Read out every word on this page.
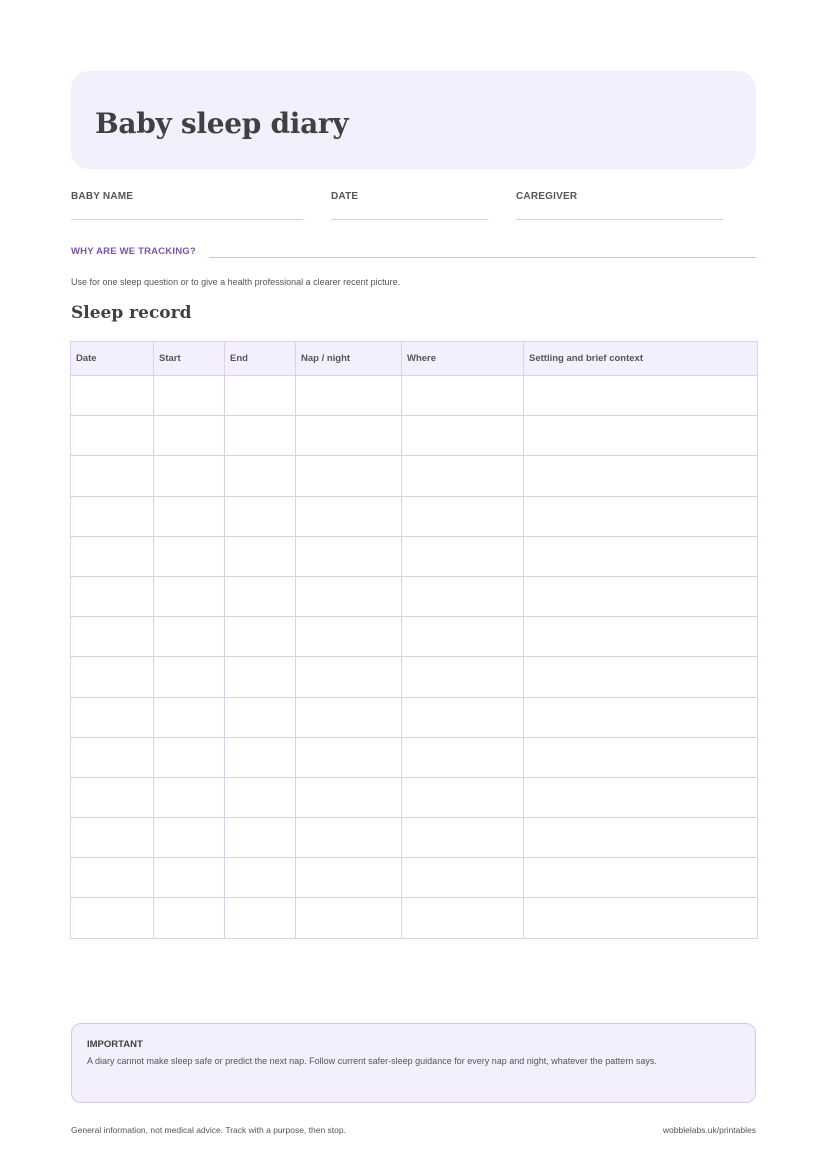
Baby sleep diary
BABY NAME	DATE	CAREGIVER
WHY ARE WE TRACKING?

Use for one sleep question or to give a health professional a clearer recent picture.

Sleep record
Date	Start	End	Nap / night	Where	Settling and brief context

IMPORTANT

A diary cannot make sleep safe or predict the next nap. Follow current safer-sleep guidance for every nap and night, whatever the pattern says.

General information, not medical advice. Track with a purpose, then stop.	wobblelabs.uk/printables
